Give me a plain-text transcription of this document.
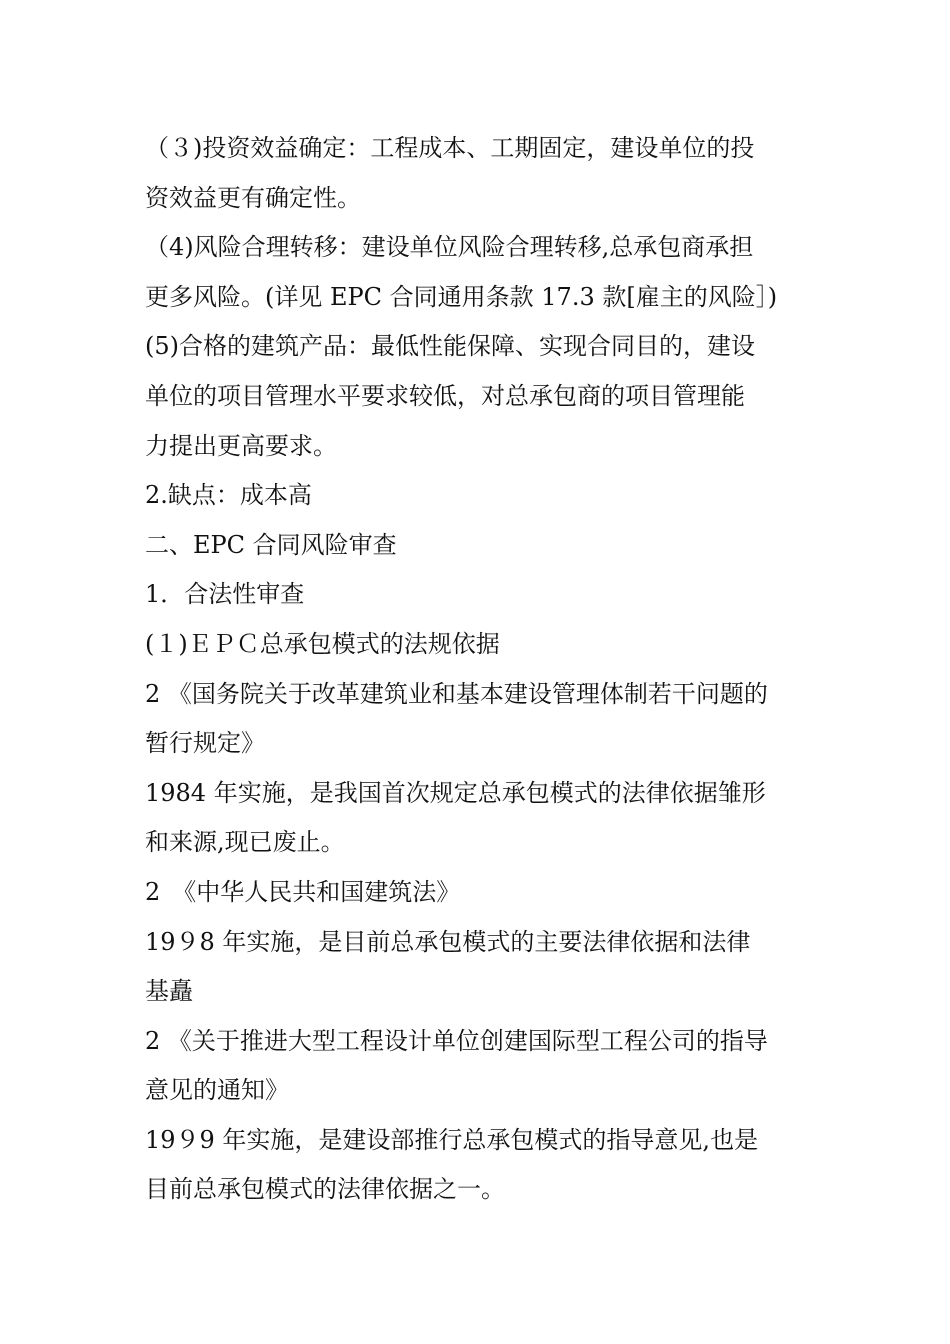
（３)投资效益确定：工程成本、工期固定，建设单位的投
资效益更有确定性。
（4)风险合理转移：建设单位风险合理转移,总承包商承担
更多风险。(详见 EPC 合同通用条款 17.3 款[雇主的风险］)
(5)合格的建筑产品：最低性能保障、实现合同目的，建设
单位的项目管理水平要求较低，对总承包商的项目管理能
力提出更高要求。
2.缺点：成本高
二、EPC 合同风险审查
1．合法性审查
(１)ＥＰＣ总承包模式的法规依据
2 《国务院关于改革建筑业和基本建设管理体制若干问题的
暂行规定》
1984 年实施，是我国首次规定总承包模式的法律依据雏形
和来源,现已废止。
2　《中华人民共和国建筑法》
19９8 年实施，是目前总承包模式的主要法律依据和法律
基矗
2 《关于推进大型工程设计单位创建国际型工程公司的指导
意见的通知》
19９9 年实施，是建设部推行总承包模式的指导意见,也是
目前总承包模式的法律依据之一。
